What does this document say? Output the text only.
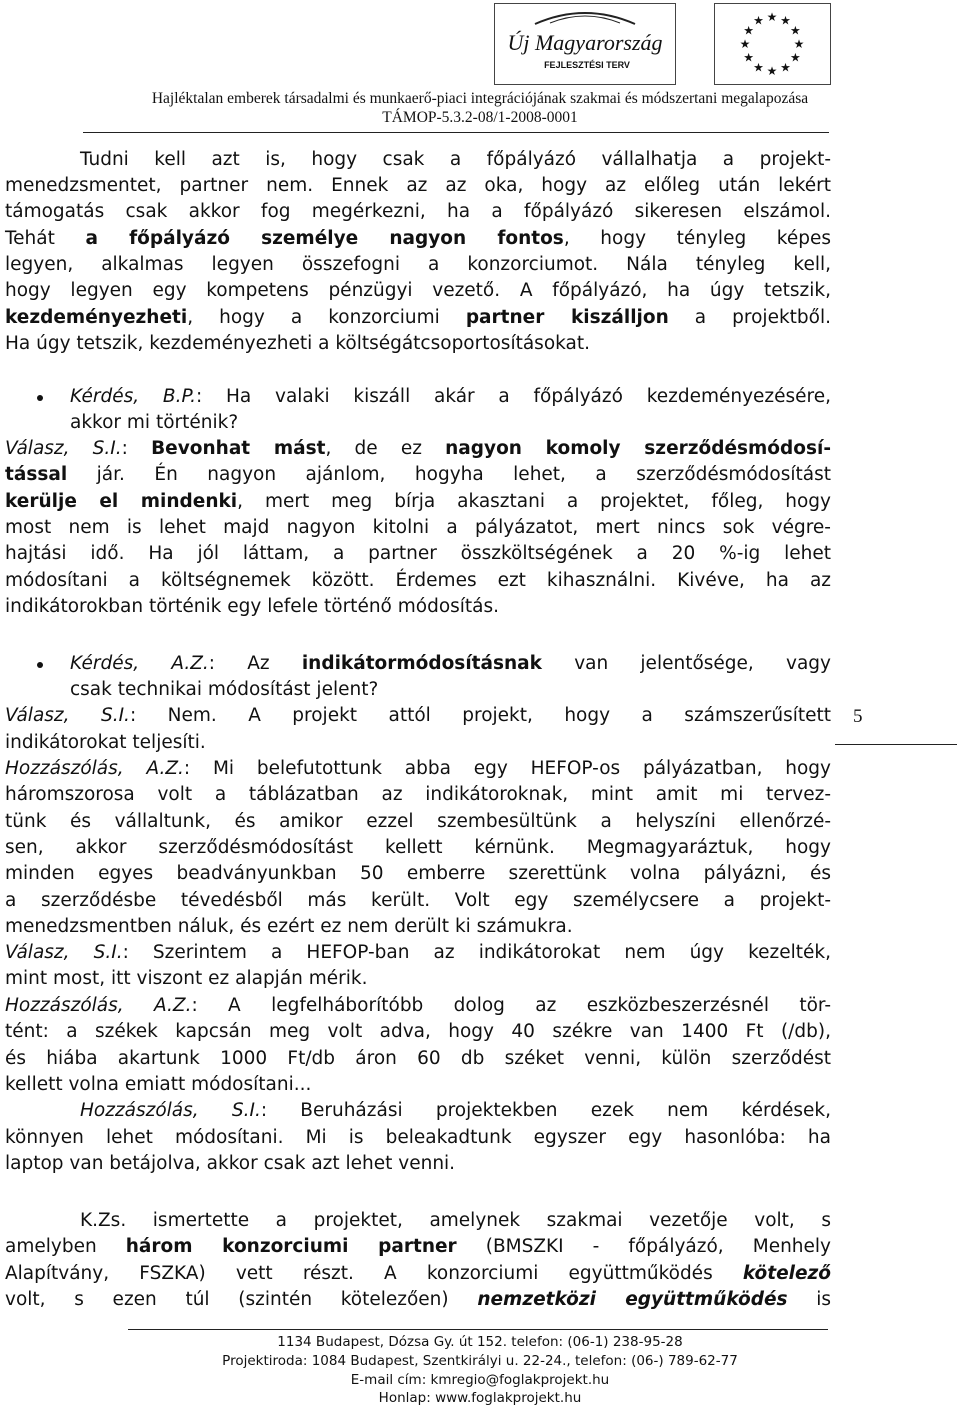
Új Magyarország
FEJLESZTÉSI TERV
★ ★
★
★
★
★
★
★
★
★
★
★
Hajléktalan emberek társadalmi és munkaerő-piaci integrációjának szakmai és módszertani megalapozása
TÁMOP-5.3.2-08/1-2008-0001
Tudni kell azt is, hogy csak a főpályázó vállalhatja a projekt-
menedzsmentet, partner nem. Ennek az az oka, hogy az előleg után lekért
támogatás csak akkor fog megérkezni, ha a főpályázó sikeresen elszámol.
Tehát a főpályázó személye nagyon fontos, hogy tényleg képes
legyen, alkalmas legyen összefogni a konzorciumot. Nála tényleg kell,
hogy legyen egy kompetens pénzügyi vezető. A főpályázó, ha úgy tetszik,
kezdeményezheti, hogy a konzorciumi partner kiszálljon a projektből.
Ha úgy tetszik, kezdeményezheti a költségátcsoportosításokat.
Kérdés, B.P.: Ha valaki kiszáll akár a főpályázó kezdeményezésére,
akkor mi történik?
Válasz, S.I.: Bevonhat mást, de ez nagyon komoly szerződésmódosí-
tással jár. Én nagyon ajánlom, hogyha lehet, a szerződésmódosítást
kerülje el mindenki, mert meg bírja akasztani a projektet, főleg, hogy
most nem is lehet majd nagyon kitolni a pályázatot, mert nincs sok végre-
hajtási idő. Ha jól láttam, a partner összköltségének a 20 %-ig lehet
módosítani a költségnemek között. Érdemes ezt kihasználni. Kivéve, ha az
indikátorokban történik egy lefele történő módosítás.
Kérdés, A.Z.: Az indikátormódosításnak van jelentősége, vagy
csak technikai módosítást jelent?
Válasz, S.I.: Nem. A projekt attól projekt, hogy a számszerűsített
indikátorokat teljesíti.
5
Hozzászólás, A.Z.: Mi belefutottunk abba egy HEFOP-os pályázatban, hogy
háromszorosa volt a táblázatban az indikátoroknak, mint amit mi tervez-
tünk és vállaltunk, és amikor ezzel szembesültünk a helyszíni ellenőrzé-
sen, akkor szerződésmódosítást kellett kérnünk. Megmagyaráztuk, hogy
minden egyes beadványunkban 50 emberre szerettünk volna pályázni, és
a szerződésbe tévedésből más került. Volt egy személycsere a projekt-
menedzsmentben náluk, és ezért ez nem derült ki számukra.
Válasz, S.I.: Szerintem a HEFOP-ban az indikátorokat nem úgy kezelték,
mint most, itt viszont ez alapján mérik.
Hozzászólás, A.Z.: A legfelháborítóbb dolog az eszközbeszerzésnél tör-
tént: a székek kapcsán meg volt adva, hogy 40 székre van 1400 Ft (/db),
és hiába akartunk 1000 Ft/db áron 60 db széket venni, külön szerződést
kellett volna emiatt módosítani...
Hozzászólás, S.I.: Beruházási projektekben ezek nem kérdések,
könnyen lehet módosítani. Mi is beleakadtunk egyszer egy hasonlóba: ha
laptop van betájolva, akkor csak azt lehet venni.
K.Zs. ismertette a projektet, amelynek szakmai vezetője volt, s
amelyben három konzorciumi partner (BMSZKI - főpályázó, Menhely
Alapítvány, FSZKA) vett részt. A konzorciumi együttműködés kötelező
volt, s ezen túl (szintén kötelezően) nemzetközi együttműködés is
1134 Budapest, Dózsa Gy. út 152. telefon: (06-1) 238-95-28
Projektiroda: 1084 Budapest, Szentkirályi u. 22-24., telefon: (06-) 789-62-77
E-mail cím: kmregio@foglakprojekt.hu
Honlap: www.foglakprojekt.hu
